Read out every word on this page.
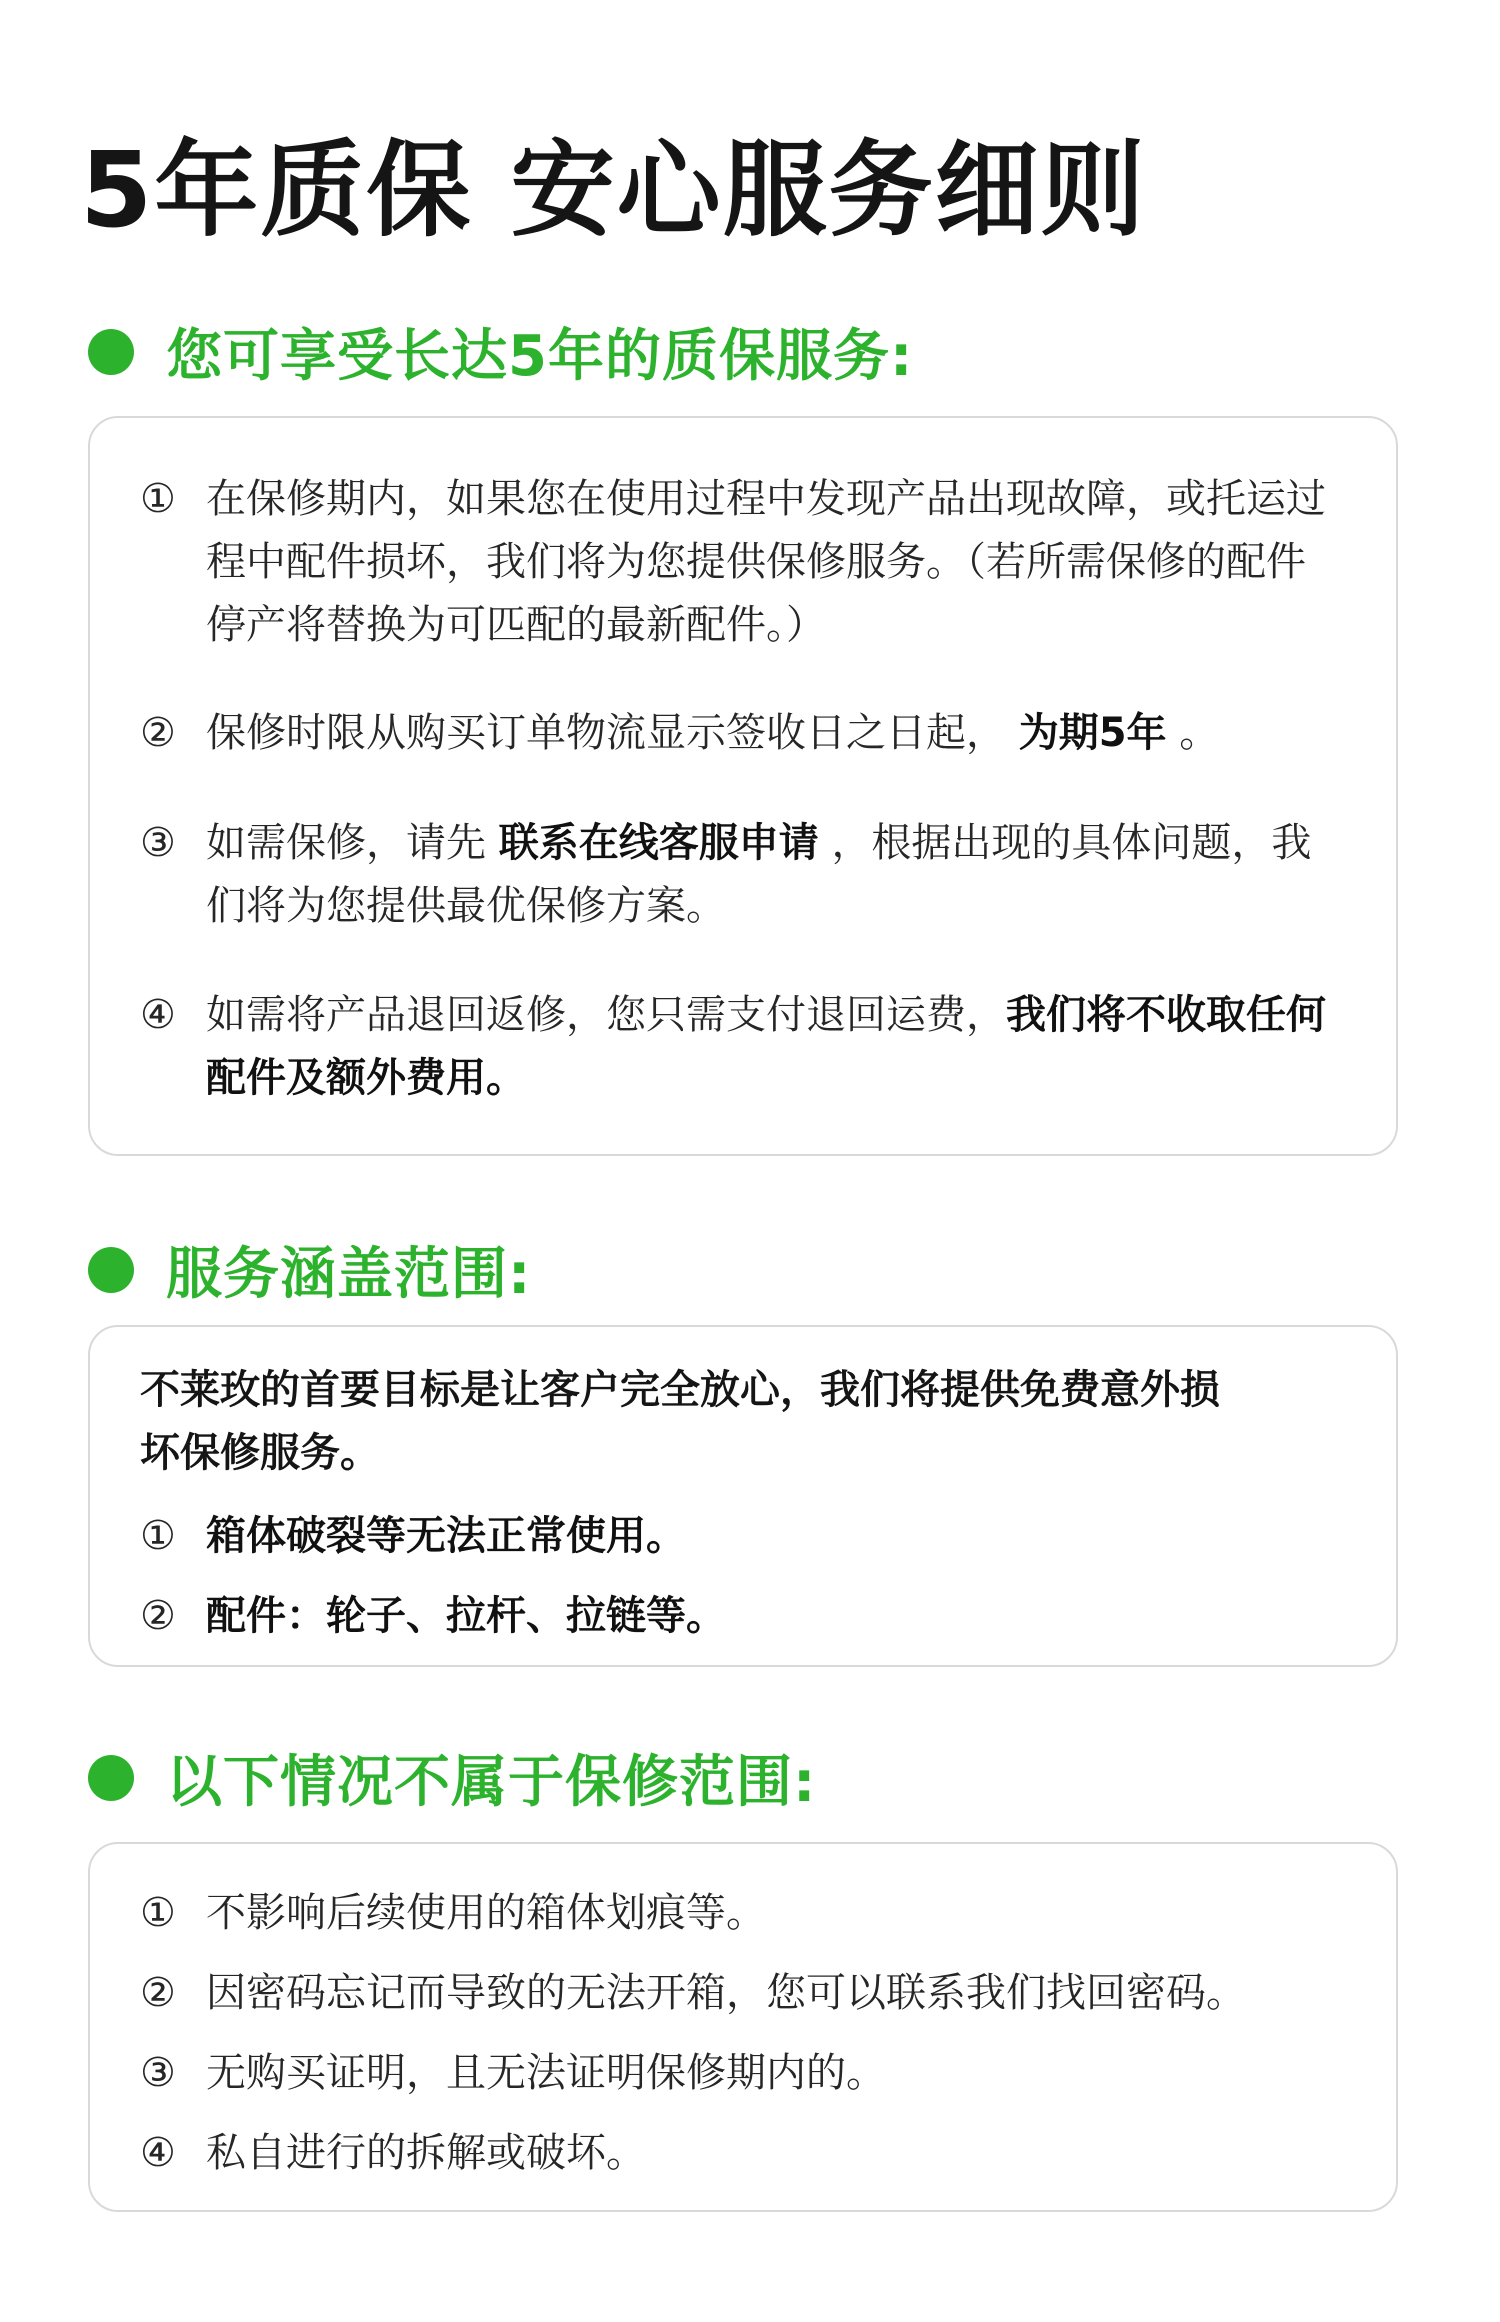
5年质保 安心服务细则
您可享受长达5年的质保服务:
① 在保修期内，如果您在使用过程中发现产品出现故障，或托运过程中配件损坏，我们将为您提供保修服务。（若所需保修的配件停产将替换为可匹配的最新配件。）
② 保修时限从购买订单物流显示签收日之日起， 为期5年 。
③ 如需保修，请先 联系在线客服申请 ，根据出现的具体问题，我们将为您提供最优保修方案。
④ 如需将产品退回返修，您只需支付退回运费，我们将不收取任何配件及额外费用。
服务涵盖范围:
不莱玫的首要目标是让客户完全放心，我们将提供免费意外损坏保修服务。
① 箱体破裂等无法正常使用。
② 配件：轮子、拉杆、拉链等。
以下情况不属于保修范围:
① 不影响后续使用的箱体划痕等。
② 因密码忘记而导致的无法开箱，您可以联系我们找回密码。
③ 无购买证明，且无法证明保修期内的。
④ 私自进行的拆解或破坏。
